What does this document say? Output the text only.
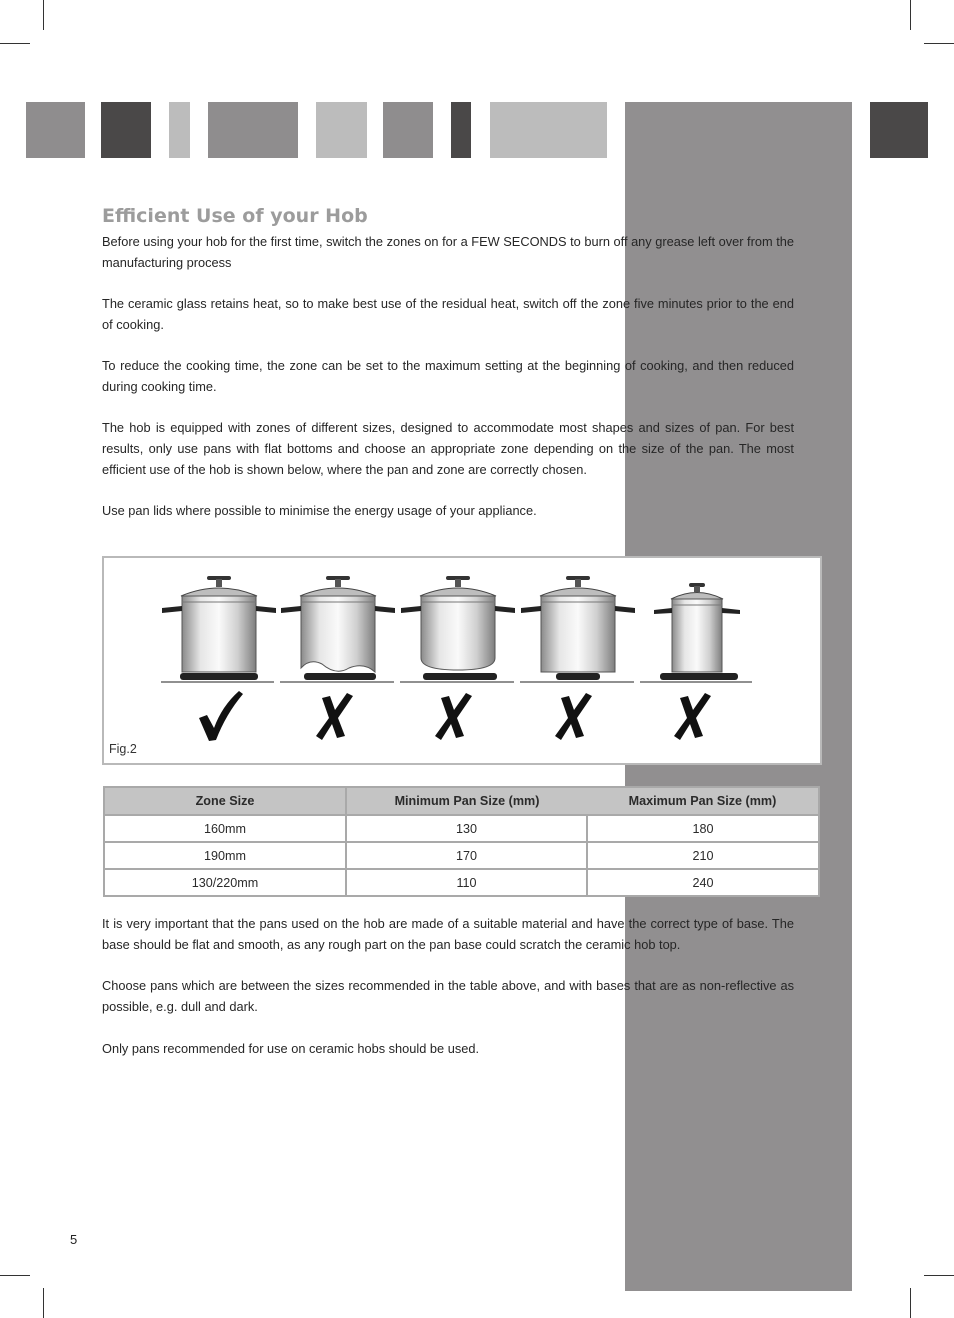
Efficient Use of your Hob

Before using your hob for the first time, switch the zones on for a FEW SECONDS to burn off any grease left over from the manufacturing process

The ceramic glass retains heat, so to make best use of the residual heat, switch off the zone five minutes prior to the end of cooking.

To reduce the cooking time, the zone can be set to the maximum setting at the beginning of cooking, and then reduced during cooking time.

The hob is equipped with zones of different sizes, designed to accommodate most shapes and sizes of pan. For best results, only use pans with flat bottoms and choose an appropriate zone depending on the size of the pan. The most efficient use of the hob is shown below, where the pan and zone are correctly chosen.

Use pan lids where possible to minimise the energy usage of your appliance.

Fig.2
Zone Size	Minimum Pan Size (mm)	Maximum Pan Size (mm)
160mm	130	180
190mm	170	210
130/220mm	110	240

It is very important that the pans used on the hob are made of a suitable material and have the correct type of base. The base should be flat and smooth, as any rough part on the pan base could scratch the ceramic hob top.

Choose pans which are between the sizes recommended in the table above, and with bases that are as non-reflective as possible, e.g. dull and dark.

Only pans recommended for use on ceramic hobs should be used.

5
